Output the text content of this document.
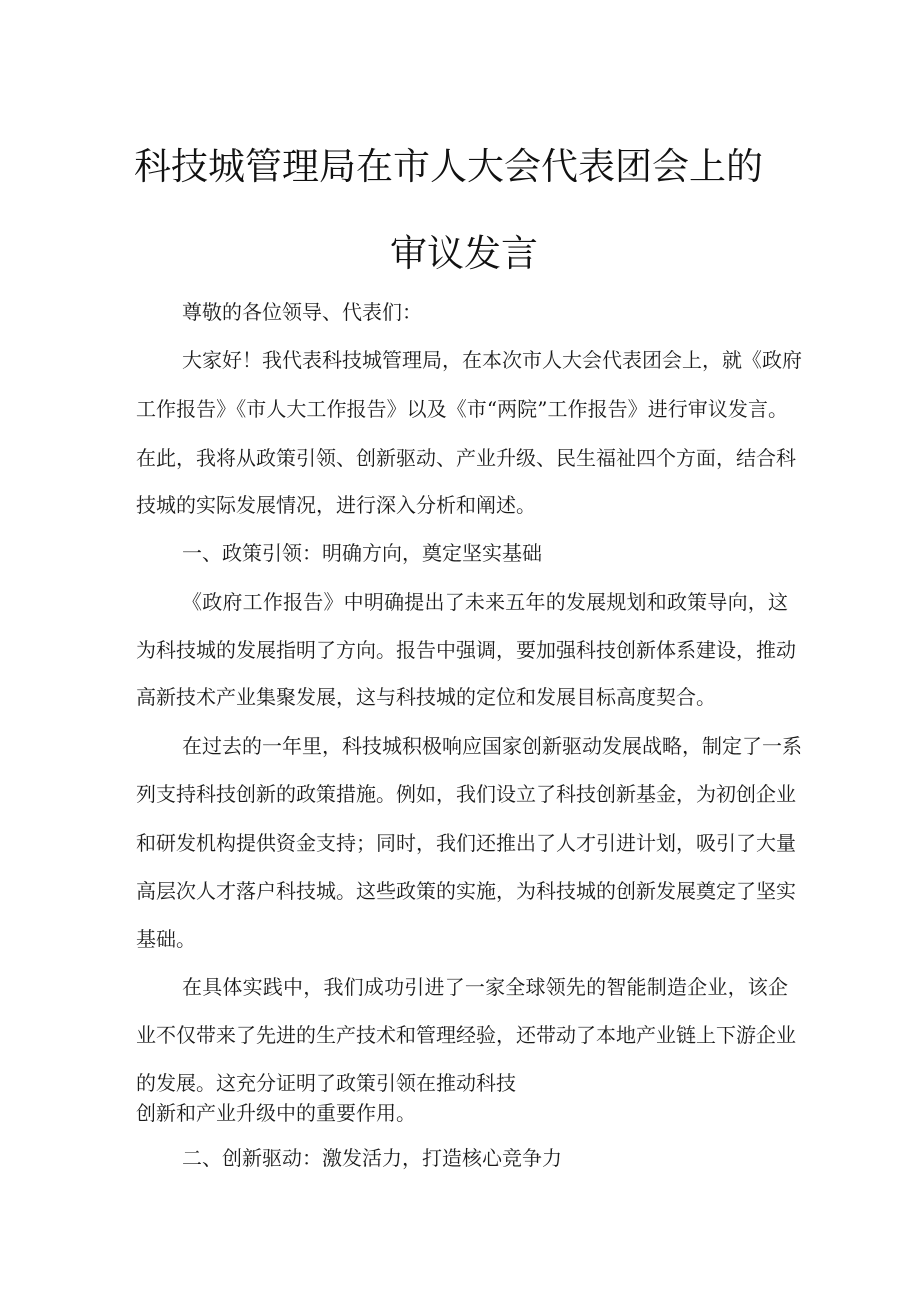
科技城管理局在市人大会代表团会上的
审议发言
尊敬的各位领导、代表们：
大家好！我代表科技城管理局，在本次市人大会代表团会上，就《政府
工作报告》《市人大工作报告》以及《市“两院”工作报告》进行审议发言。
在此，我将从政策引领、创新驱动、产业升级、民生福祉四个方面，结合科
技城的实际发展情况，进行深入分析和阐述。
一、政策引领：明确方向，奠定坚实基础
《政府工作报告》中明确提出了未来五年的发展规划和政策导向，这
为科技城的发展指明了方向。报告中强调，要加强科技创新体系建设，推动
高新技术产业集聚发展，这与科技城的定位和发展目标高度契合。
在过去的一年里，科技城积极响应国家创新驱动发展战略，制定了一系
列支持科技创新的政策措施。例如，我们设立了科技创新基金，为初创企业
和研发机构提供资金支持；同时，我们还推出了人才引进计划，吸引了大量
高层次人才落户科技城。这些政策的实施，为科技城的创新发展奠定了坚实
基础。
在具体实践中，我们成功引进了一家全球领先的智能制造企业，该企
业不仅带来了先进的生产技术和管理经验，还带动了本地产业链上下游企业
的发展。这充分证明了政策引领在推动科技
创新和产业升级中的重要作用。
二、创新驱动：激发活力，打造核心竞争力
